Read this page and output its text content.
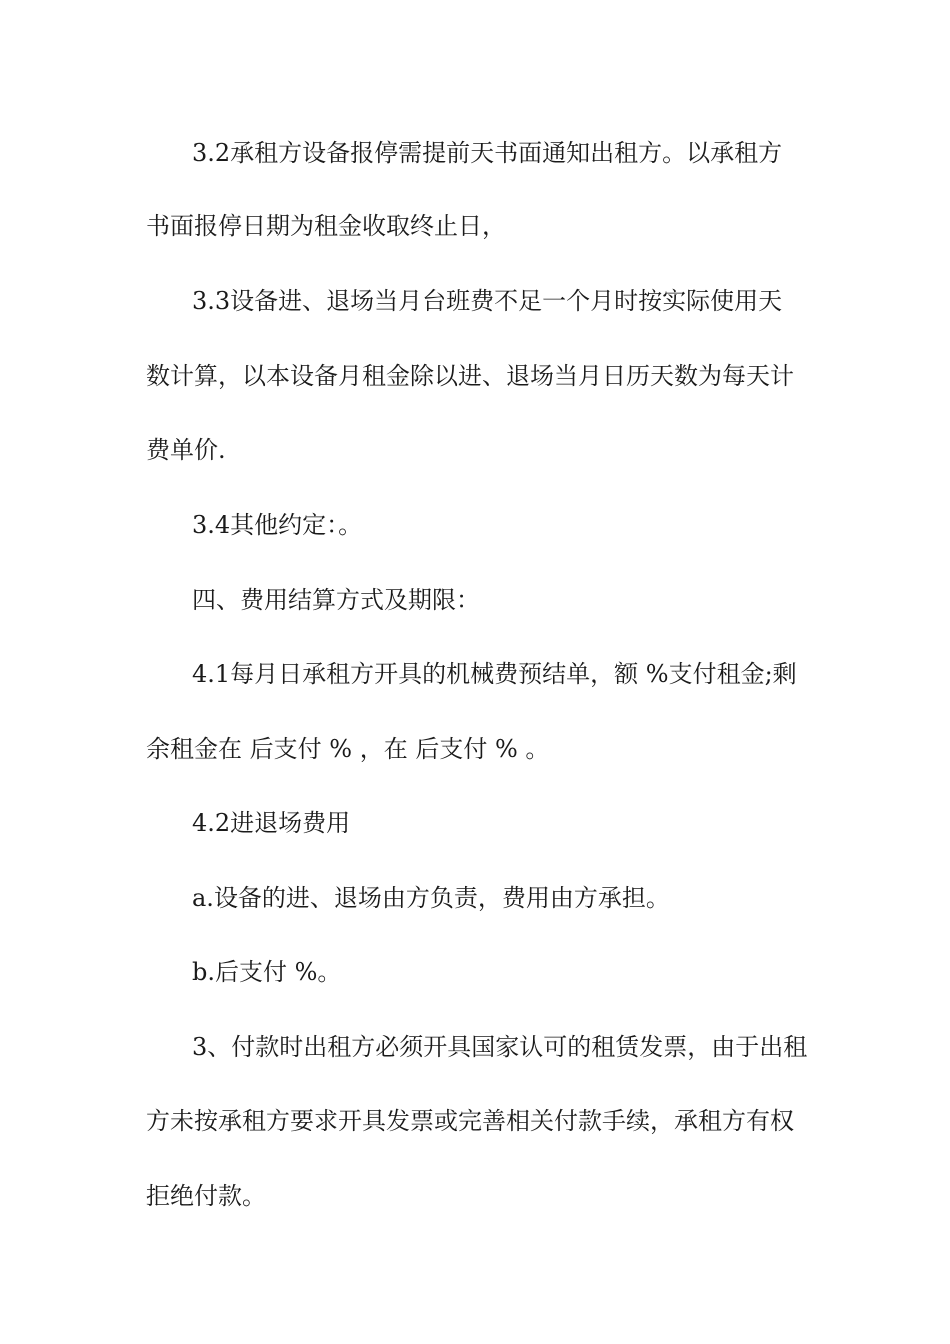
3.2承租方设备报停需提前天书面通知出租方。以承租方

书面报停日期为租金收取终止日，

3.3设备进、退场当月台班费不足一个月时按实际使用天

数计算，以本设备月租金除以进、退场当月日历天数为每天计

费单价.

3.4其他约定：。

四、费用结算方式及期限：

4.1每月日承租方开具的机械费预结单，额 %支付租金;剩

余租金在 后支付 % ，在 后支付 % 。

4.2进退场费用

a.设备的进、退场由方负责，费用由方承担。

b.后支付 %。

3、付款时出租方必须开具国家认可的租赁发票，由于出租

方未按承租方要求开具发票或完善相关付款手续，承租方有权

拒绝付款。
